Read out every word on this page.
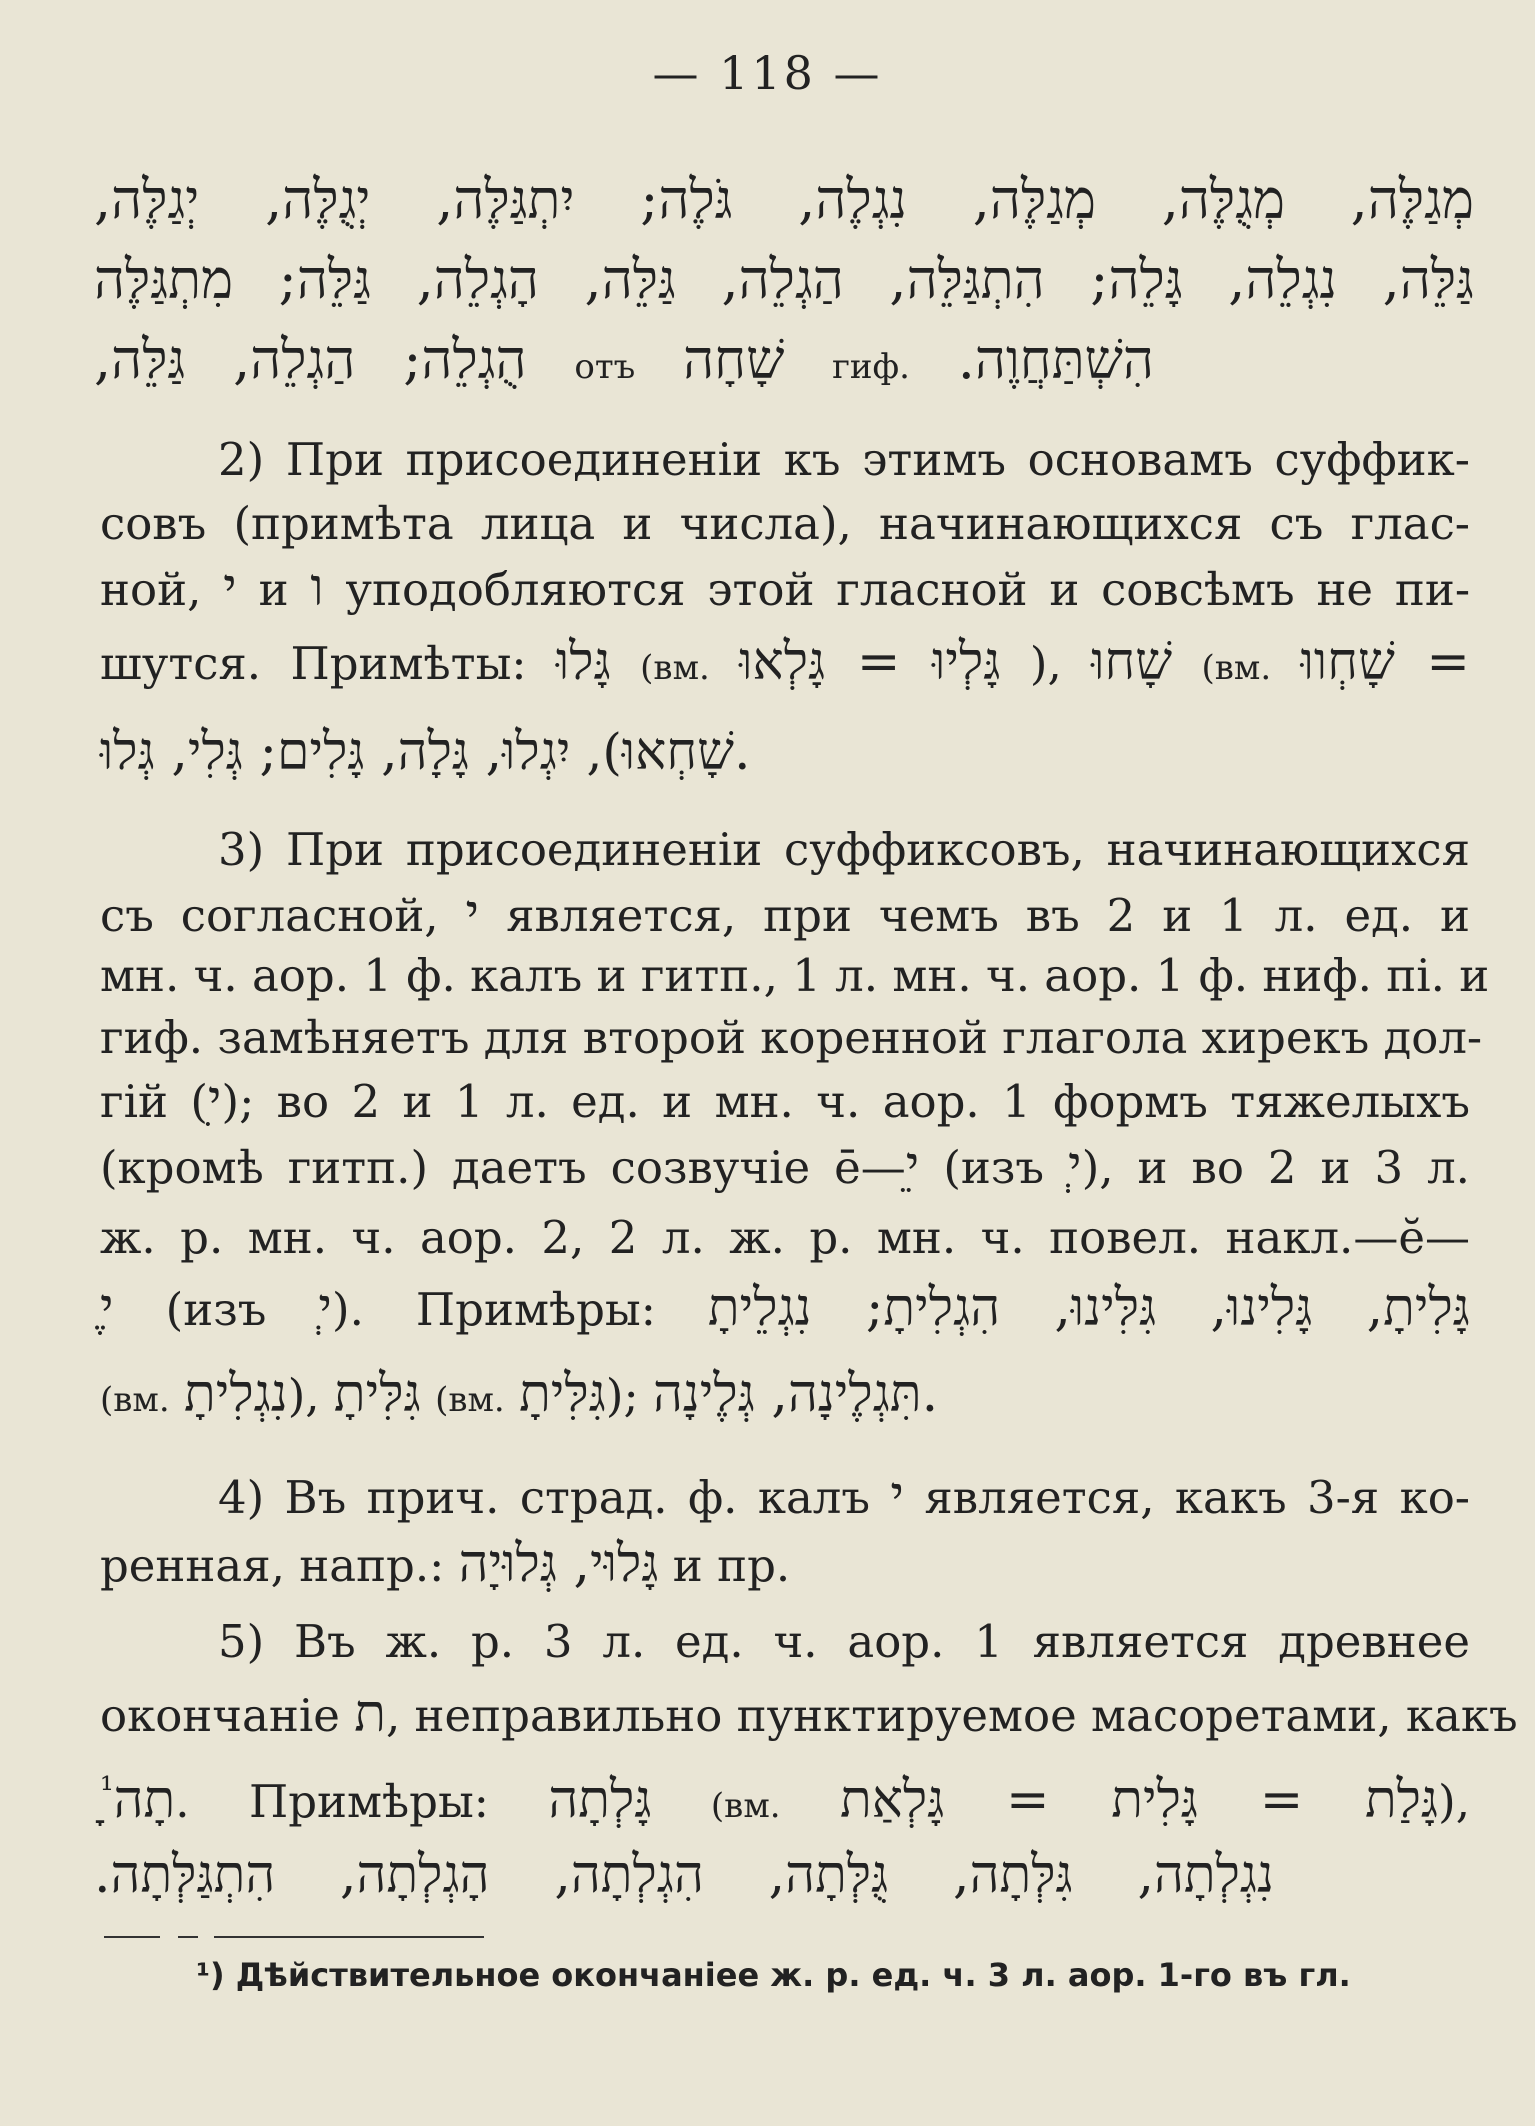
— 118 —
מְגַלֶּה, מְגֻלֶּה, מְגַלֶּה, נִגְלֶה, גֹּלֶה; יִתְגַּלֶּה, יְגֻלֶּה, יְגַלֶּה,
גַּלֵּה, נִגְלֵה, גָּלֵה; הִתְגַּלֵּה, הַגְלֵה, גַּלֵּה, הָגְלֵה, גַּלֵּה; מִתְגַּלֶּה
הִשְׁתַּחֲוֶה. гиф. שָׁחָה отъ הֻגְלֵה; הַגְלֵה, גַּלֵּה,
2) При присоединеніи къ этимъ основамъ суффик-
совъ (примѣта лица и числа), начинающихся съ глас-
ной, י и ו уподобляются этой гласной и совсѣмъ не пи-
шутся. Примѣты: גָּלוּ (вм. גָּלְיוּ = גָּלְאוּ ), שָׁחוּ (вм. שָׁחְווּ =
שָׁחְאוּ), יִגְלוּ, גָּלָה, גָּלִים; גְּלִי, גְּלוּ.
3) При присоединеніи суффиксовъ, начинающихся
съ согласной, י является, при чемъ въ 2 и 1 л. ед. и
мн. ч. аор. 1 ф. калъ и гитп., 1 л. мн. ч. аор. 1 ф. ниф. пі. и
гиф. замѣняетъ для второй коренной глагола хирекъ дол-
гій (ִי); во 2 и 1 л. ед. и мн. ч. аор. 1 формъ тяжелыхъ
(кромѣ гитп.) даетъ созвучіе ē—ֵי (изъ ְי), и во 2 и 3 л.
ж. р. мн. ч. аор. 2, 2 л. ж. р. мн. ч. повел. накл.—ĕ—
ֶי (изъ ְי). Примѣры: גָּלִיתָ, גָּלִינוּ, גִּלִּינוּ, הִגְלִיתָ; נִגְלֵיתָ
(вм. נִגְלִיתָ), גִּלִּיתָ (вм. גִּלִּיתָ); תִּגְלֶינָה, גְּלֶינָה.
4) Въ прич. страд. ф. калъ י является, какъ 3-я ко-
ренная, напр.: גָּלוּי, גְּלוּיָה и пр.
5) Въ ж. р. 3 л. ед. ч. аор. 1 является древнее
окончаніе ת, неправильно пунктируемое масоретами, какъ
ָתָה$^{^1}$ . Примѣры: גָּלְתָה (вм. גָּלַת = גָּלִית = גָּלְאַת),
נִגְלְתָה, גִּלְּתָה, גֻּלְּתָה, הִגְלְתָה, הָגְלְתָה, הִתְגַּלְּתָה.
¹) Дѣйствительное окончаніеe ж. р. ед. ч. 3 л. аор. 1-го въ гл.
